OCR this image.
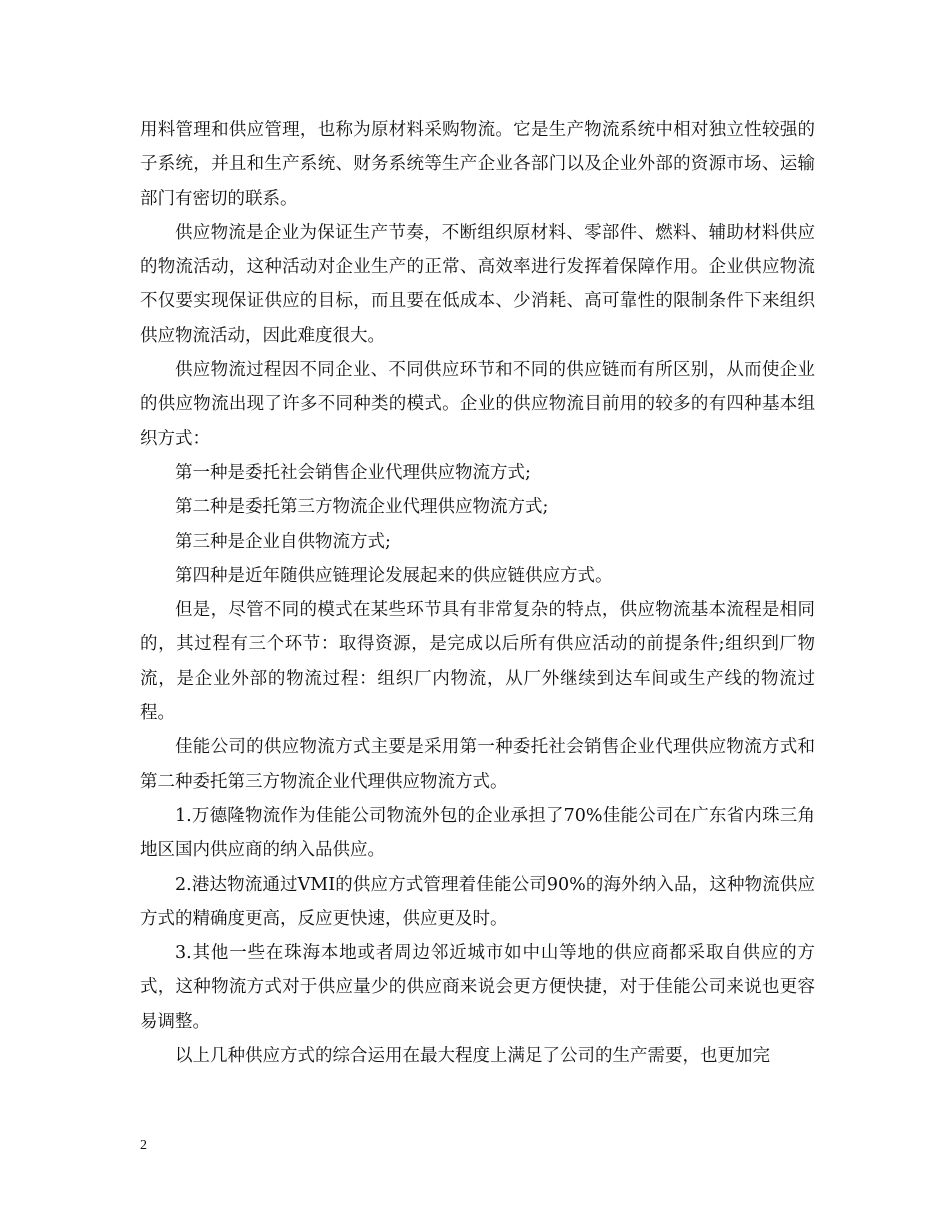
用料管理和供应管理，也称为原材料采购物流。它是生产物流系统中相对独立性较强的子系统，并且和生产系统、财务系统等生产企业各部门以及企业外部的资源市场、运输部门有密切的联系。

供应物流是企业为保证生产节奏，不断组织原材料、零部件、燃料、辅助材料供应的物流活动，这种活动对企业生产的正常、高效率进行发挥着保障作用。企业供应物流不仅要实现保证供应的目标，而且要在低成本、少消耗、高可靠性的限制条件下来组织供应物流活动，因此难度很大。

供应物流过程因不同企业、不同供应环节和不同的供应链而有所区别，从而使企业的供应物流出现了许多不同种类的模式。企业的供应物流目前用的较多的有四种基本组织方式：

第一种是委托社会销售企业代理供应物流方式;

第二种是委托第三方物流企业代理供应物流方式;

第三种是企业自供物流方式;

第四种是近年随供应链理论发展起来的供应链供应方式。

但是，尽管不同的模式在某些环节具有非常复杂的特点，供应物流基本流程是相同的，其过程有三个环节：取得资源，是完成以后所有供应活动的前提条件;组织到厂物流，是企业外部的物流过程：组织厂内物流，从厂外继续到达车间或生产线的物流过程。

佳能公司的供应物流方式主要是采用第一种委托社会销售企业代理供应物流方式和第二种委托第三方物流企业代理供应物流方式。

1.万德隆物流作为佳能公司物流外包的企业承担了70%佳能公司在广东省内珠三角地区国内供应商的纳入品供应。

2.港达物流通过VMI的供应方式管理着佳能公司90%的海外纳入品，这种物流供应方式的精确度更高，反应更快速，供应更及时。

3.其他一些在珠海本地或者周边邻近城市如中山等地的供应商都采取自供应的方式，这种物流方式对于供应量少的供应商来说会更方便快捷，对于佳能公司来说也更容易调整。

以上几种供应方式的综合运用在最大程度上满足了公司的生产需要，也更加完

2
